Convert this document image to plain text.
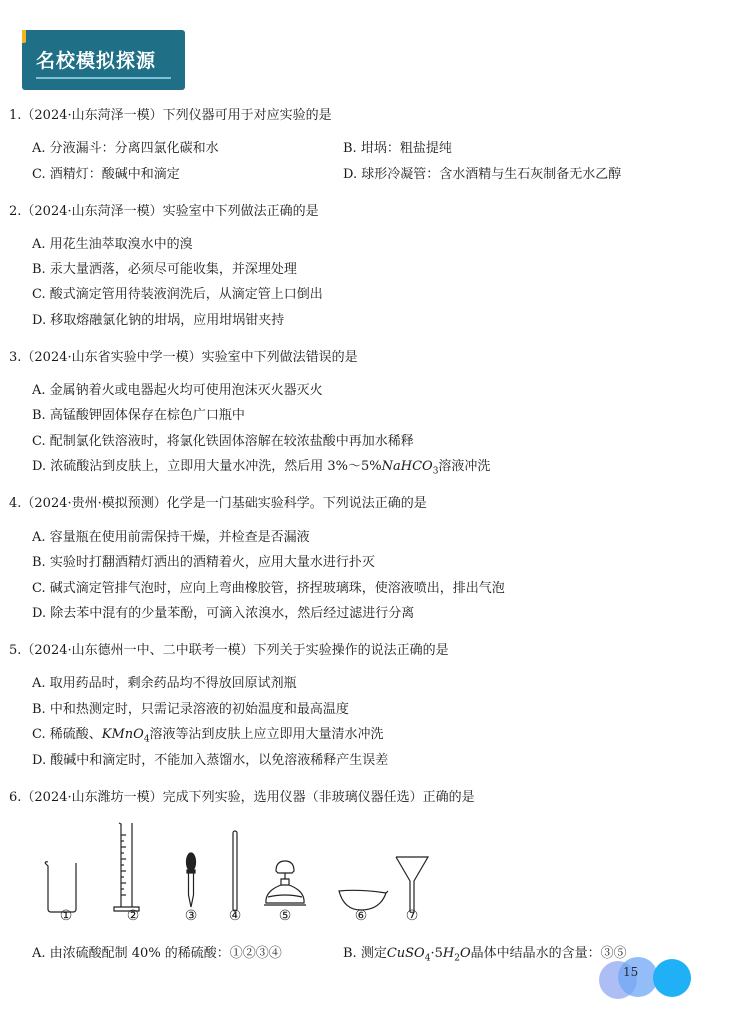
名校模拟探源
1.（2024·山东菏泽一模）下列仪器可用于对应实验的是
A. 分液漏斗：分离四氯化碳和水	B. 坩埚：粗盐提纯
C. 酒精灯：酸碱中和滴定	D. 球形冷凝管：含水酒精与生石灰制备无水乙醇
2.（2024·山东菏泽一模）实验室中下列做法正确的是
A. 用花生油萃取溴水中的溴
B. 汞大量洒落，必须尽可能收集，并深埋处理
C. 酸式滴定管用待装液润洗后，从滴定管上口倒出
D. 移取熔融氯化钠的坩埚，应用坩埚钳夹持
3.（2024·山东省实验中学一模）实验室中下列做法错误的是
A. 金属钠着火或电器起火均可使用泡沫灭火器灭火
B. 高锰酸钾固体保存在棕色广口瓶中
C. 配制氯化铁溶液时，将氯化铁固体溶解在较浓盐酸中再加水稀释
D. 浓硫酸沾到皮肤上，立即用大量水冲洗，然后用 3%～5%NaHCO$_3$溶液冲洗
4.（2024·贵州·模拟预测）化学是一门基础实验科学。下列说法正确的是
A. 容量瓶在使用前需保持干燥，并检查是否漏液
B. 实验时打翻酒精灯洒出的酒精着火，应用大量水进行扑灭
C. 碱式滴定管排气泡时，应向上弯曲橡胶管，挤捏玻璃珠，使溶液喷出，排出气泡
D. 除去苯中混有的少量苯酚，可滴入浓溴水，然后经过滤进行分离
5.（2024·山东德州一中、二中联考一模）下列关于实验操作的说法正确的是
A. 取用药品时，剩余药品均不得放回原试剂瓶
B. 中和热测定时，只需记录溶液的初始温度和最高温度
C. 稀硫酸、KMnO$_4$溶液等沾到皮肤上应立即用大量清水冲洗
D. 酸碱中和滴定时，不能加入蒸馏水，以免溶液稀释产生误差
6.（2024·山东潍坊一模）完成下列实验，选用仪器（非玻璃仪器任选）正确的是
①	②	③ ④	⑤	⑥	⑦
A. 由浓硫酸配制 40% 的稀硫酸：①②③④	B. 测定$CuSO_4\cdot 5H_2O$晶体中结晶水的含量：③⑤
15
